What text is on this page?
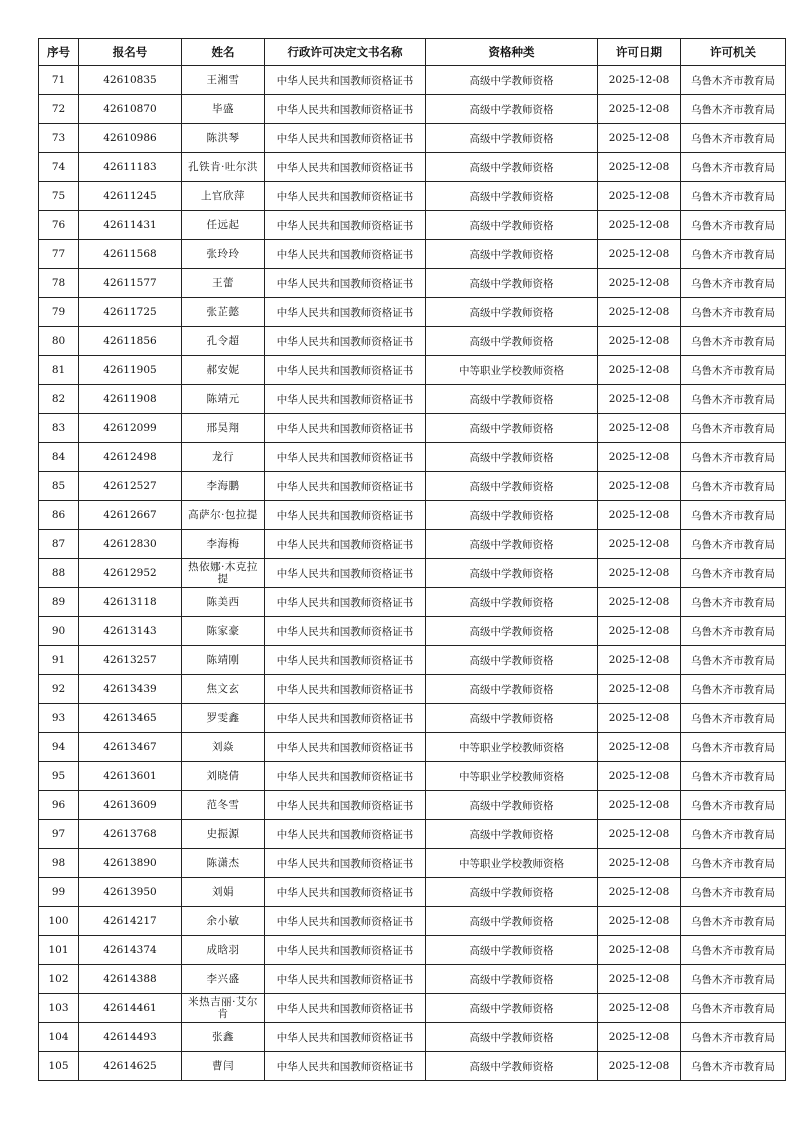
序号	报名号	姓名	行政许可决定文书名称	资格种类	许可日期	许可机关
71	42610835	王湘雪	中华人民共和国教师资格证书	高级中学教师资格	2025-12-08	乌鲁木齐市教育局
72	42610870	毕盛	中华人民共和国教师资格证书	高级中学教师资格	2025-12-08	乌鲁木齐市教育局
73	42610986	陈洪琴	中华人民共和国教师资格证书	高级中学教师资格	2025-12-08	乌鲁木齐市教育局
74	42611183	孔铁肯·吐尔洪	中华人民共和国教师资格证书	高级中学教师资格	2025-12-08	乌鲁木齐市教育局
75	42611245	上官欣萍	中华人民共和国教师资格证书	高级中学教师资格	2025-12-08	乌鲁木齐市教育局
76	42611431	任远起	中华人民共和国教师资格证书	高级中学教师资格	2025-12-08	乌鲁木齐市教育局
77	42611568	张玲玲	中华人民共和国教师资格证书	高级中学教师资格	2025-12-08	乌鲁木齐市教育局
78	42611577	王蕾	中华人民共和国教师资格证书	高级中学教师资格	2025-12-08	乌鲁木齐市教育局
79	42611725	张芷懿	中华人民共和国教师资格证书	高级中学教师资格	2025-12-08	乌鲁木齐市教育局
80	42611856	孔令超	中华人民共和国教师资格证书	高级中学教师资格	2025-12-08	乌鲁木齐市教育局
81	42611905	郝安妮	中华人民共和国教师资格证书	中等职业学校教师资格	2025-12-08	乌鲁木齐市教育局
82	42611908	陈靖元	中华人民共和国教师资格证书	高级中学教师资格	2025-12-08	乌鲁木齐市教育局
83	42612099	邢昊翔	中华人民共和国教师资格证书	高级中学教师资格	2025-12-08	乌鲁木齐市教育局
84	42612498	龙行	中华人民共和国教师资格证书	高级中学教师资格	2025-12-08	乌鲁木齐市教育局
85	42612527	李海鹏	中华人民共和国教师资格证书	高级中学教师资格	2025-12-08	乌鲁木齐市教育局
86	42612667	高萨尔·包拉提	中华人民共和国教师资格证书	高级中学教师资格	2025-12-08	乌鲁木齐市教育局
87	42612830	李海梅	中华人民共和国教师资格证书	高级中学教师资格	2025-12-08	乌鲁木齐市教育局
88	42612952	热依娜·木克拉提	中华人民共和国教师资格证书	高级中学教师资格	2025-12-08	乌鲁木齐市教育局
89	42613118	陈美西	中华人民共和国教师资格证书	高级中学教师资格	2025-12-08	乌鲁木齐市教育局
90	42613143	陈家豪	中华人民共和国教师资格证书	高级中学教师资格	2025-12-08	乌鲁木齐市教育局
91	42613257	陈靖刚	中华人民共和国教师资格证书	高级中学教师资格	2025-12-08	乌鲁木齐市教育局
92	42613439	焦文玄	中华人民共和国教师资格证书	高级中学教师资格	2025-12-08	乌鲁木齐市教育局
93	42613465	罗雯鑫	中华人民共和国教师资格证书	高级中学教师资格	2025-12-08	乌鲁木齐市教育局
94	42613467	刘焱	中华人民共和国教师资格证书	中等职业学校教师资格	2025-12-08	乌鲁木齐市教育局
95	42613601	刘晓倩	中华人民共和国教师资格证书	中等职业学校教师资格	2025-12-08	乌鲁木齐市教育局
96	42613609	范冬雪	中华人民共和国教师资格证书	高级中学教师资格	2025-12-08	乌鲁木齐市教育局
97	42613768	史振源	中华人民共和国教师资格证书	高级中学教师资格	2025-12-08	乌鲁木齐市教育局
98	42613890	陈潇杰	中华人民共和国教师资格证书	中等职业学校教师资格	2025-12-08	乌鲁木齐市教育局
99	42613950	刘娟	中华人民共和国教师资格证书	高级中学教师资格	2025-12-08	乌鲁木齐市教育局
100	42614217	余小敏	中华人民共和国教师资格证书	高级中学教师资格	2025-12-08	乌鲁木齐市教育局
101	42614374	成晗羽	中华人民共和国教师资格证书	高级中学教师资格	2025-12-08	乌鲁木齐市教育局
102	42614388	李兴盛	中华人民共和国教师资格证书	高级中学教师资格	2025-12-08	乌鲁木齐市教育局
103	42614461	米热吉丽·艾尔肯	中华人民共和国教师资格证书	高级中学教师资格	2025-12-08	乌鲁木齐市教育局
104	42614493	张鑫	中华人民共和国教师资格证书	高级中学教师资格	2025-12-08	乌鲁木齐市教育局
105	42614625	曹闫	中华人民共和国教师资格证书	高级中学教师资格	2025-12-08	乌鲁木齐市教育局
